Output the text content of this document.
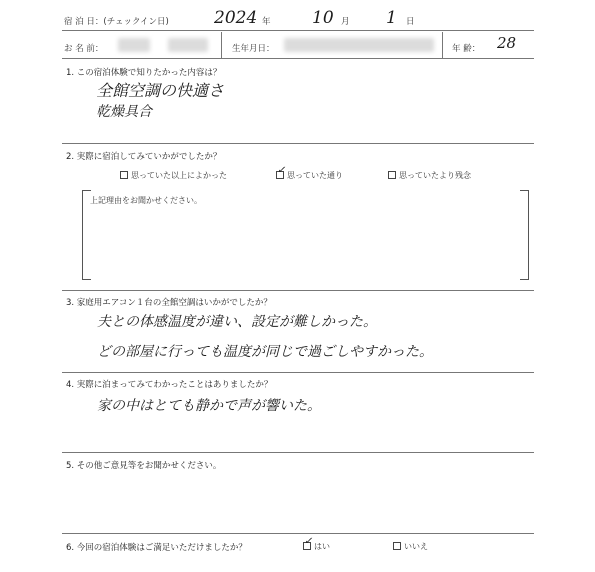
宿 泊 日：(チェックイン日)	2024 年 10 月 1 日
お 名 前：	生年月日：	年 齢： 28
1. この宿泊体験で知りたかった内容は？
全館空調の快適さ
乾燥具合
2. 実際に宿泊してみていかがでしたか？
思っていた以上によかった	✓ 思っていた通り	思っていたより残念
上記理由をお聞かせください。
3. 家庭用エアコン１台の全館空調はいかがでしたか？
夫との体感温度が違い、設定が難しかった。
どの部屋に行っても温度が同じで過ごしやすかった。
4. 実際に泊まってみてわかったことはありましたか？
家の中はとても静かで声が響いた。
5. その他ご意見等をお聞かせください。
6. 今回の宿泊体験はご満足いただけましたか？
✓ はい	いいえ
